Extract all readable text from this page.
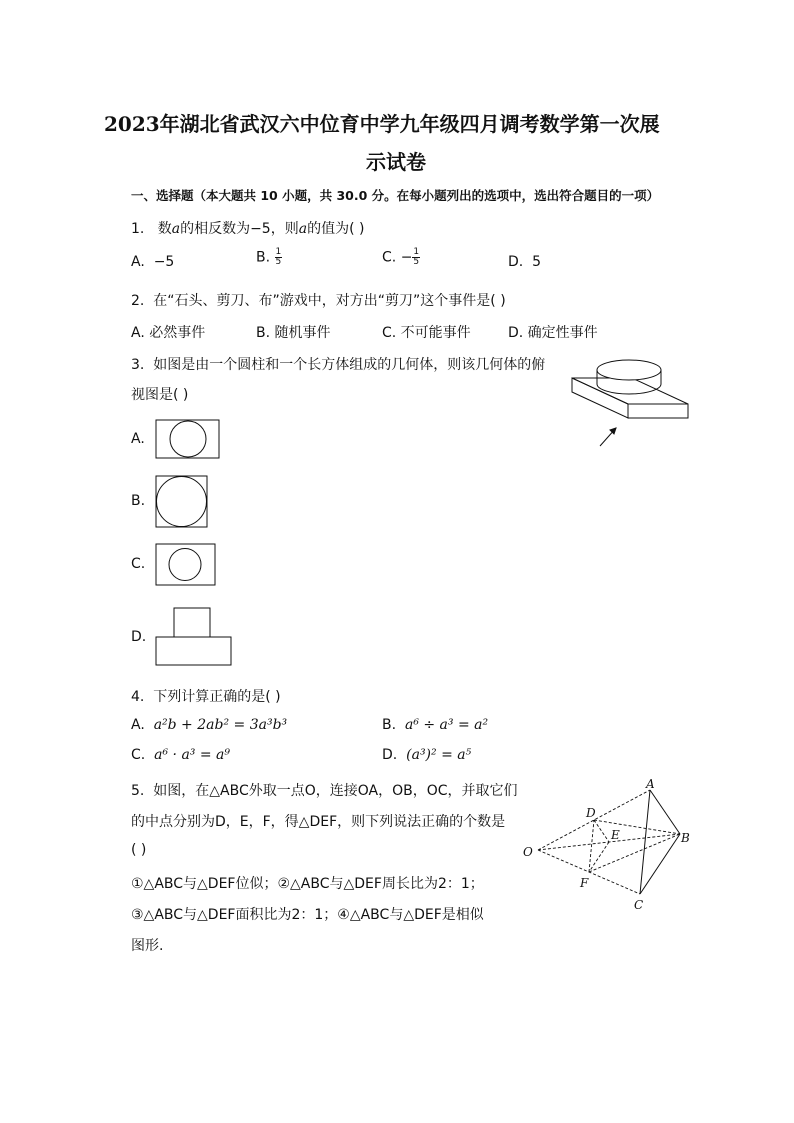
2023年湖北省武汉六中位育中学九年级四月调考数学第一次展
示试卷
一、选择题（本大题共 10 小题，共 30.0 分。在每小题列出的选项中，选出符合题目的一项）
1. 数a的相反数为−5，则a的值为( )
A. −5	B. $\frac{1}{5}$	C. − $\frac{1}{5}$	D. 5
2. 在“石头、剪刀、布”游戏中，对方出“剪刀”这个事件是( )
A. 必然事件	B. 随机事件	C. 不可能事件	D. 确定性事件
3. 如图是由一个圆柱和一个长方体组成的几何体，则该几何体的俯
视图是( )
A.
B.
C.
D.
4. 下列计算正确的是( )
A. a²b + 2ab² = 3a³b³	B. a⁶ ÷ a³ = a²
C. a⁶ · a³ = a⁹	D. (a³)² = a⁵
5. 如图，在△ABC外取一点O，连接OA，OB，OC，并取它们
的中点分别为D，E，F，得△DEF，则下列说法正确的个数是
( )
①△ABC与△DEF位似；②△ABC与△DEF周长比为2：1；
③△ABC与△DEF面积比为2：1；④△ABC与△DEF是相似
图形.
A
B
C
D
E
F
O
